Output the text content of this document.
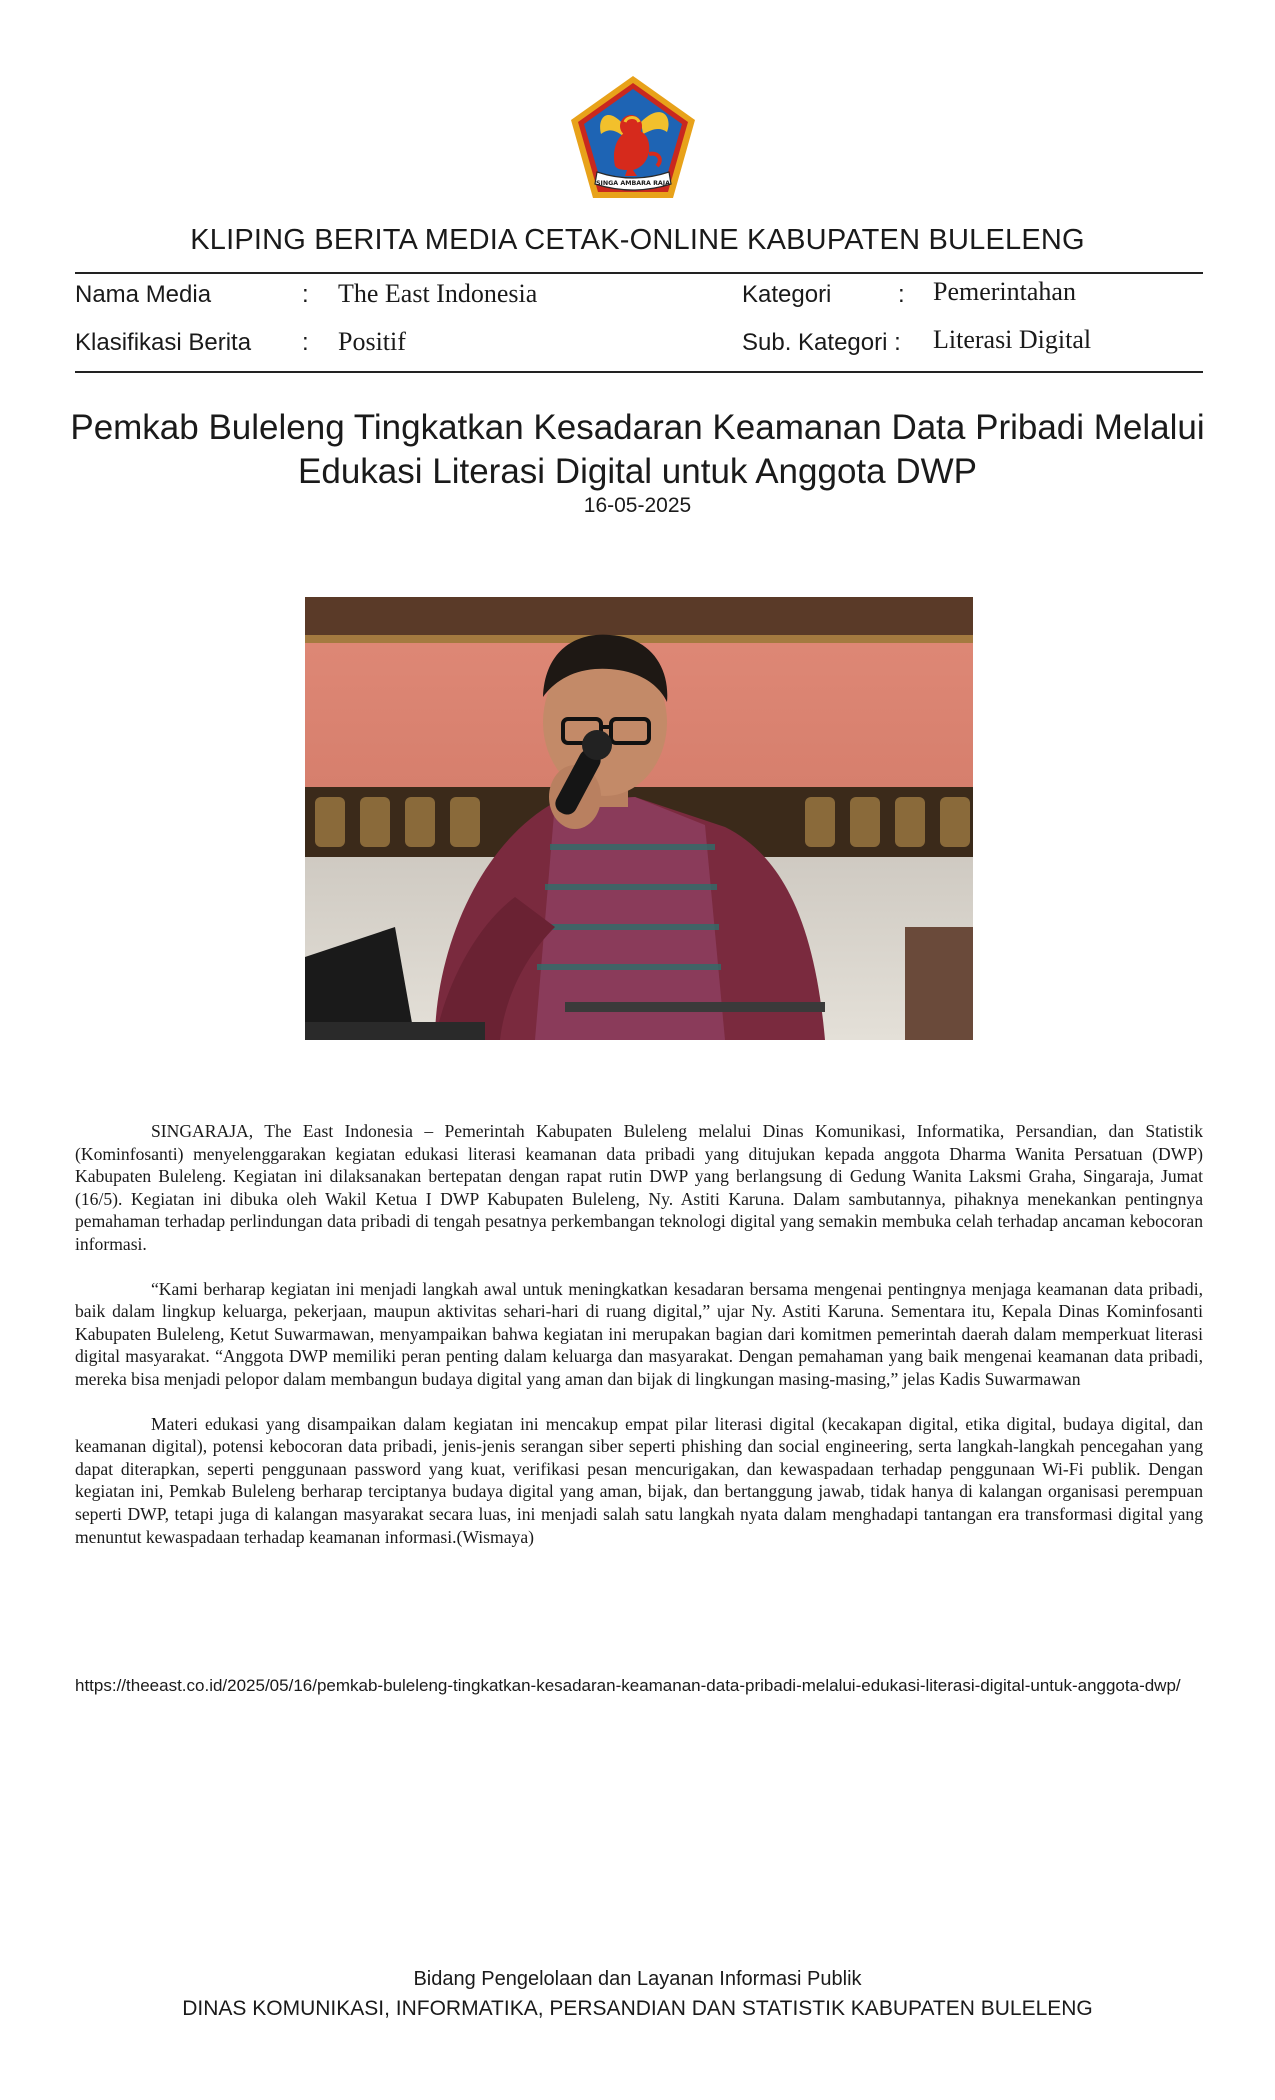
SINGA AMBARA RAJA
KLIPING BERITA MEDIA CETAK-ONLINE KABUPATEN BULELENG
Nama Media	: The East Indonesia
Klasifikasi Berita : Positif
Kategori	: Pemerintahan
Sub. Kategori : Literasi Digital
Pemkab Buleleng Tingkatkan Kesadaran Keamanan Data Pribadi Melalui
Edukasi Literasi Digital untuk Anggota DWP
16-05-2025

SINGARAJA, The East Indonesia – Pemerintah Kabupaten Buleleng melalui Dinas Komunikasi, Informatika, Persandian, dan Statistik (Kominfosanti) menyelenggarakan kegiatan edukasi literasi keamanan data pribadi yang ditujukan kepada anggota Dharma Wanita Persatuan (DWP) Kabupaten Buleleng. Kegiatan ini dilaksanakan bertepatan dengan rapat rutin DWP yang berlangsung di Gedung Wanita Laksmi Graha, Singaraja, Jumat (16/5). Kegiatan ini dibuka oleh Wakil Ketua I DWP Kabupaten Buleleng, Ny. Astiti Karuna. Dalam sambutannya, pihaknya menekankan pentingnya pemahaman terhadap perlindungan data pribadi di tengah pesatnya perkembangan teknologi digital yang semakin membuka celah terhadap ancaman kebocoran informasi.

“Kami berharap kegiatan ini menjadi langkah awal untuk meningkatkan kesadaran bersama mengenai pentingnya menjaga keamanan data pribadi, baik dalam lingkup keluarga, pekerjaan, maupun aktivitas sehari-hari di ruang digital,” ujar Ny. Astiti Karuna. Sementara itu, Kepala Dinas Kominfosanti Kabupaten Buleleng, Ketut Suwarmawan, menyampaikan bahwa kegiatan ini merupakan bagian dari komitmen pemerintah daerah dalam memperkuat literasi digital masyarakat. “Anggota DWP memiliki peran penting dalam keluarga dan masyarakat. Dengan pemahaman yang baik mengenai keamanan data pribadi, mereka bisa menjadi pelopor dalam membangun budaya digital yang aman dan bijak di lingkungan masing-masing,” jelas Kadis Suwarmawan

Materi edukasi yang disampaikan dalam kegiatan ini mencakup empat pilar literasi digital (kecakapan digital, etika digital, budaya digital, dan keamanan digital), potensi kebocoran data pribadi, jenis-jenis serangan siber seperti phishing dan social engineering, serta langkah-langkah pencegahan yang dapat diterapkan, seperti penggunaan password yang kuat, verifikasi pesan mencurigakan, dan kewaspadaan terhadap penggunaan Wi-Fi publik. Dengan kegiatan ini, Pemkab Buleleng berharap terciptanya budaya digital yang aman, bijak, dan bertanggung jawab, tidak hanya di kalangan organisasi perempuan seperti DWP, tetapi juga di kalangan masyarakat secara luas, ini menjadi salah satu langkah nyata dalam menghadapi tantangan era transformasi digital yang menuntut kewaspadaan terhadap keamanan informasi.(Wismaya)

https://theeast.co.id/2025/05/16/pemkab-buleleng-tingkatkan-kesadaran-keamanan-data-pribadi-melalui-edukasi-literasi-digital-untuk-anggota-dwp/
Bidang Pengelolaan dan Layanan Informasi Publik
DINAS KOMUNIKASI, INFORMATIKA, PERSANDIAN DAN STATISTIK KABUPATEN BULELENG
